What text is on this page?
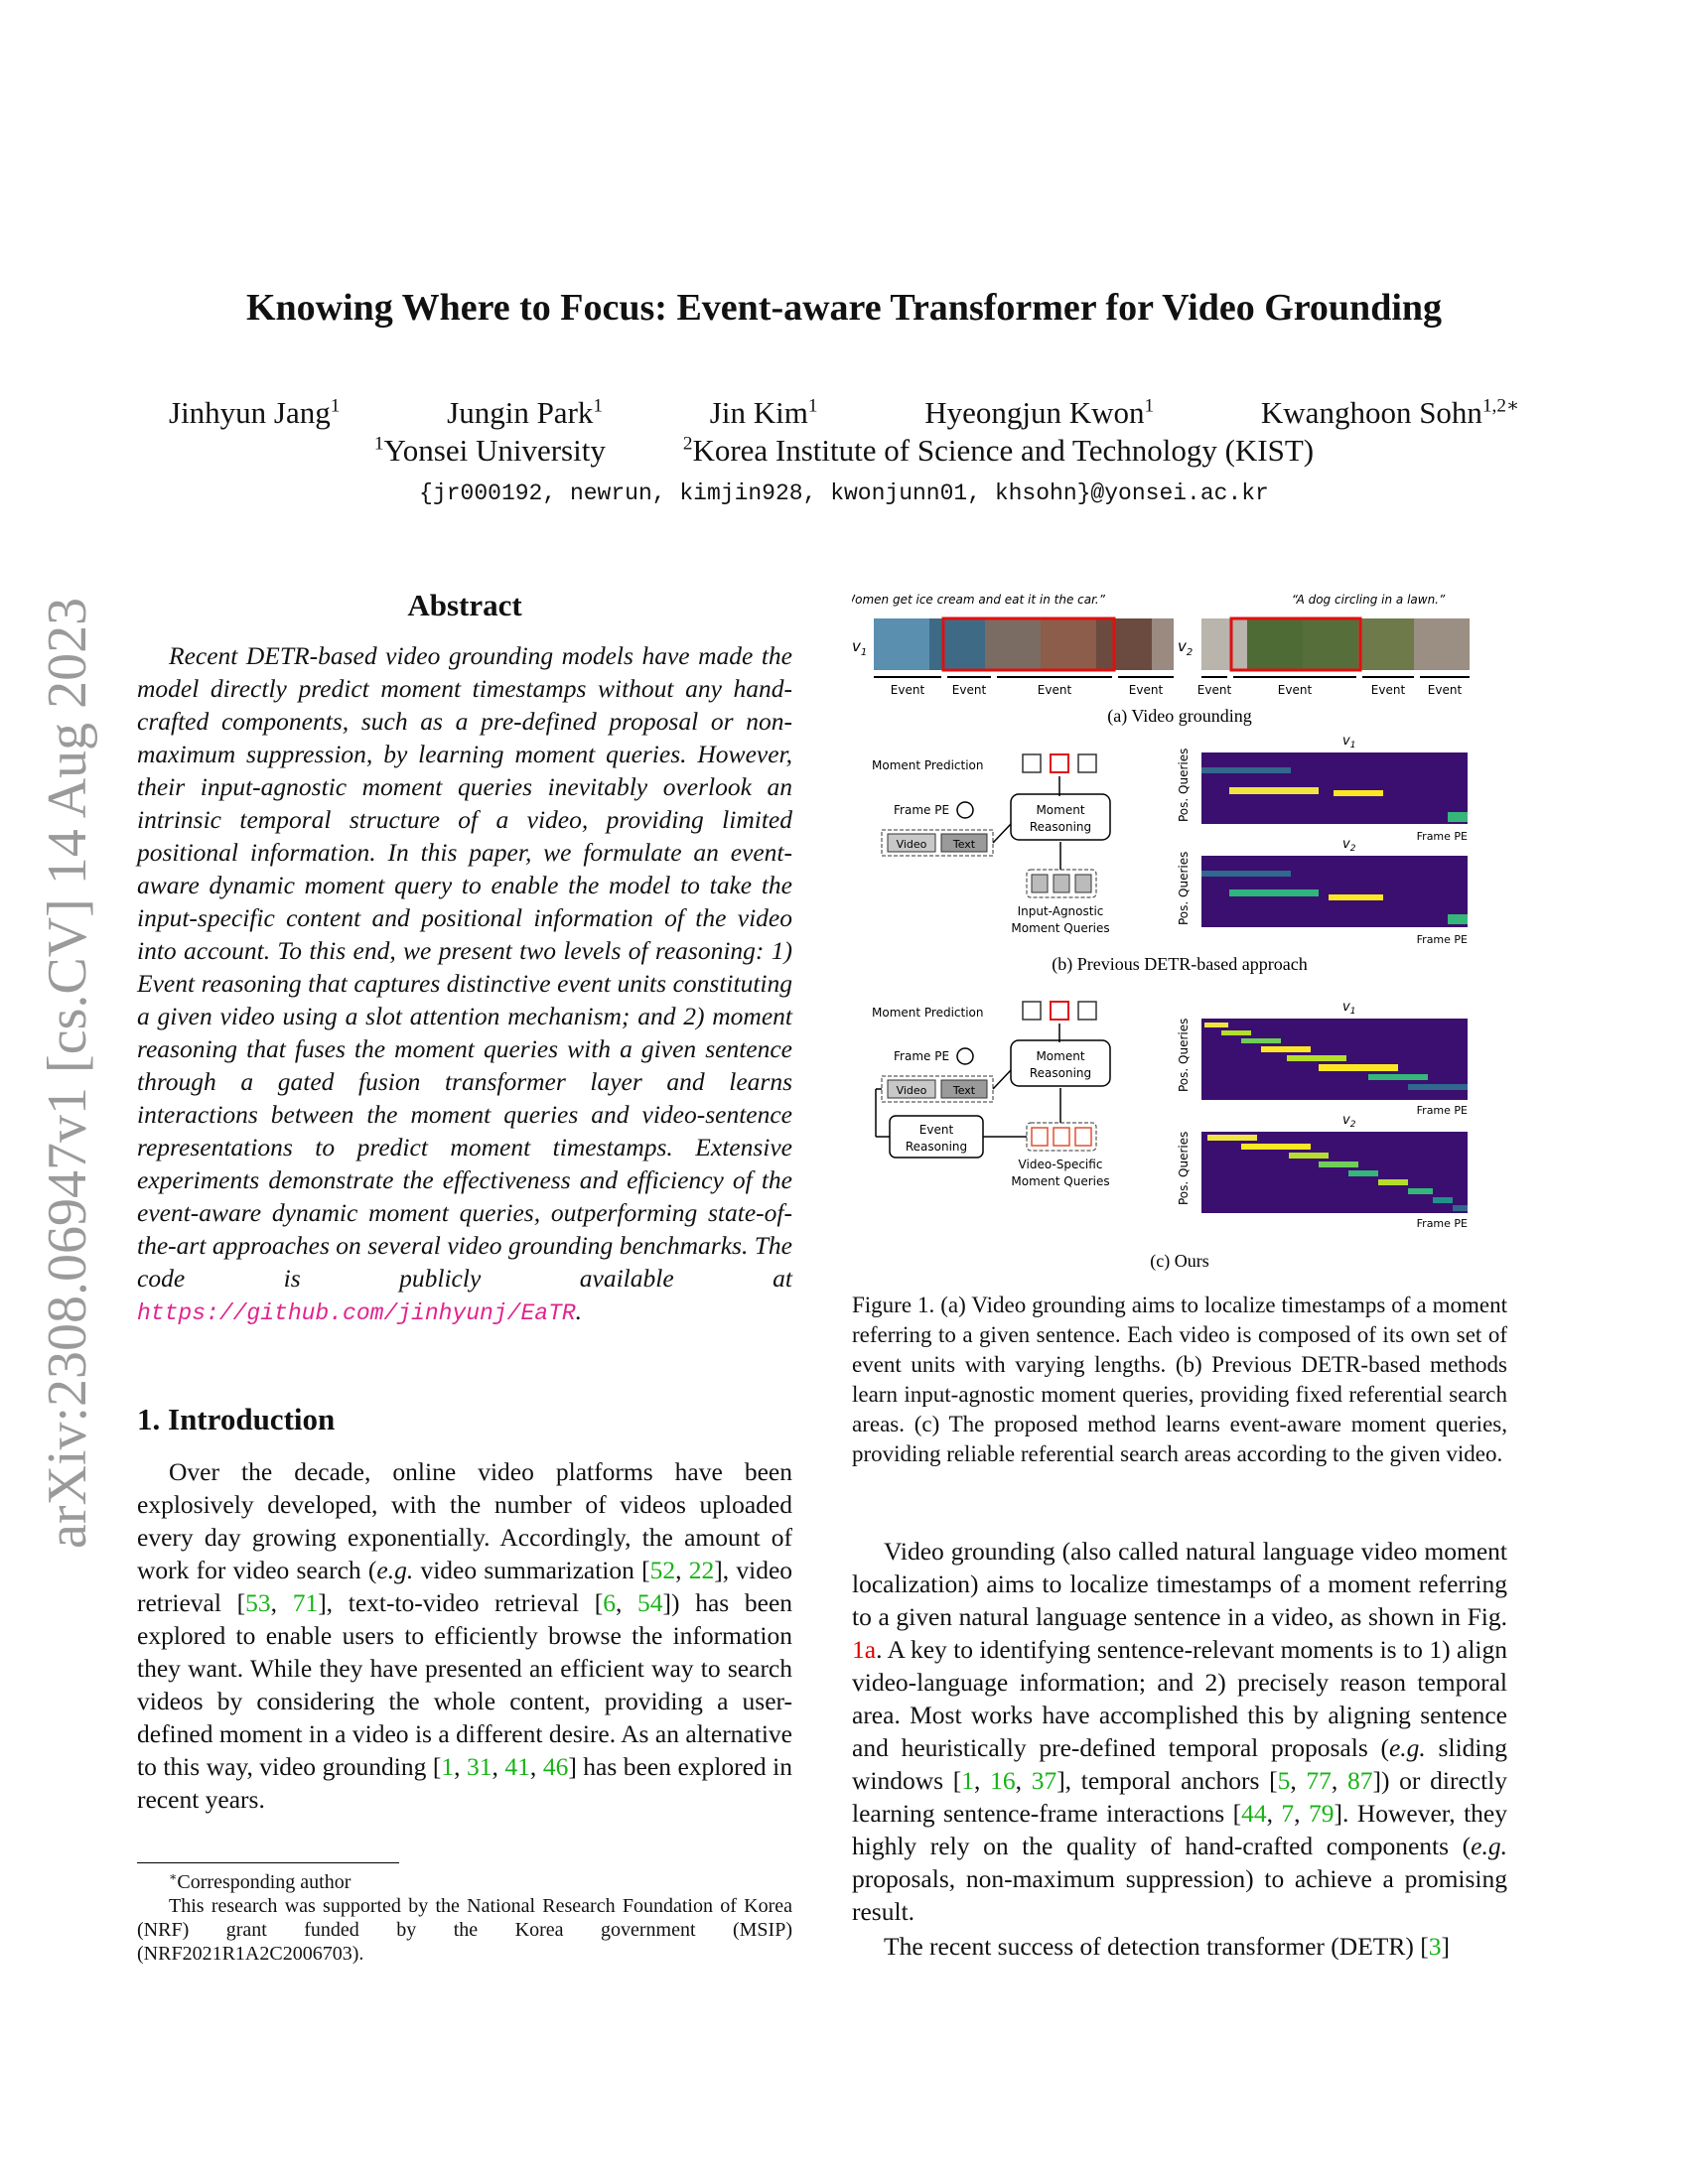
arXiv:2308.06947v1 [cs.CV] 14 Aug 2023
Knowing Where to Focus: Event-aware Transformer for Video Grounding
Jinhyun Jang$^1$	Jungin Park$^1$	Jin Kim$^1$	Hyeongjun Kwon$^1$	Kwanghoon Sohn$^{1,2∗}$
$^1$Yonsei University	$^2$Korea Institute of Science and Technology (KIST)
{jr000192, newrun, kimjin928, kwonjunn01, khsohn}@yonsei.ac.kr
Abstract
Recent DETR-based video grounding models have made the model directly predict moment timestamps without any hand-crafted components, such as a pre-defined proposal or non-maximum suppression, by learning moment queries. However, their input-agnostic moment queries inevitably overlook an intrinsic temporal structure of a video, providing limited positional information. In this paper, we formulate an event-aware dynamic moment query to enable the model to take the input-specific content and positional information of the video into account. To this end, we present two levels of reasoning: 1) Event reasoning that captures distinctive event units constituting a given video using a slot attention mechanism; and 2) moment reasoning that fuses the moment queries with a given sentence through a gated fusion transformer layer and learns interactions between the moment queries and video-sentence representations to predict moment timestamps. Extensive experiments demonstrate the effectiveness and efficiency of the event-aware dynamic moment queries, outperforming state-of-the-art approaches on several video grounding benchmarks. The code is publicly available at https://github.com/jinhyunj/EaTR.
1. Introduction
Over the decade, online video platforms have been explosively developed, with the number of videos uploaded every day growing exponentially. Accordingly, the amount of work for video search (e.g. video summarization [52, 22], video retrieval [53, 71], text-to-video retrieval [6, 54]) has been explored to enable users to efficiently browse the information they want. While they have presented an efficient way to search videos by considering the whole content, providing a user-defined moment in a video is a different desire. As an alternative to this way, video grounding [1, 31, 41, 46] has been explored in recent years.

∗Corresponding author

This research was supported by the National Research Foundation of Korea (NRF) grant funded by the Korea government (MSIP) (NRF2021R1A2C2006703).

“Women get ice cream and eat it in the car.”	“A dog circling in a lawn.”
$v_1$	$v_2$
Event Event	Event	Event	Event	Event	Event Event
(a) Video grounding
Moment Prediction
Frame PE	Moment
Reasoning
Video Text
Input-Agnostic
Moment Queries
$v_1$
Pos. Queries
Frame PE
$v_2$
Pos. Queries
Frame PE
(b) Previous DETR-based approach
Moment Prediction
Frame PE	Moment
Reasoning
Video Text
Event
Reasoning
Video-Specific
Moment Queries
$v_1$
Pos. Queries
Frame PE
$v_2$
Pos. Queries
Frame PE
(c) Ours
Figure 1. (a) Video grounding aims to localize timestamps of a moment referring to a given sentence. Each video is composed of its own set of event units with varying lengths. (b) Previous DETR-based methods learn input-agnostic moment queries, providing fixed referential search areas. (c) The proposed method learns event-aware moment queries, providing reliable referential search areas according to the given video.

Video grounding (also called natural language video moment localization) aims to localize timestamps of a moment referring to a given natural language sentence in a video, as shown in Fig. 1a. A key to identifying sentence-relevant moments is to 1) align video-language information; and 2) precisely reason temporal area. Most works have accomplished this by aligning sentence and heuristically pre-defined temporal proposals (e.g. sliding windows [1, 16, 37], temporal anchors [5, 77, 87]) or directly learning sentence-frame interactions [44, 7, 79]. However, they highly rely on the quality of hand-crafted components (e.g. proposals, non-maximum suppression) to achieve a promising result.

The recent success of detection transformer (DETR) [3]
